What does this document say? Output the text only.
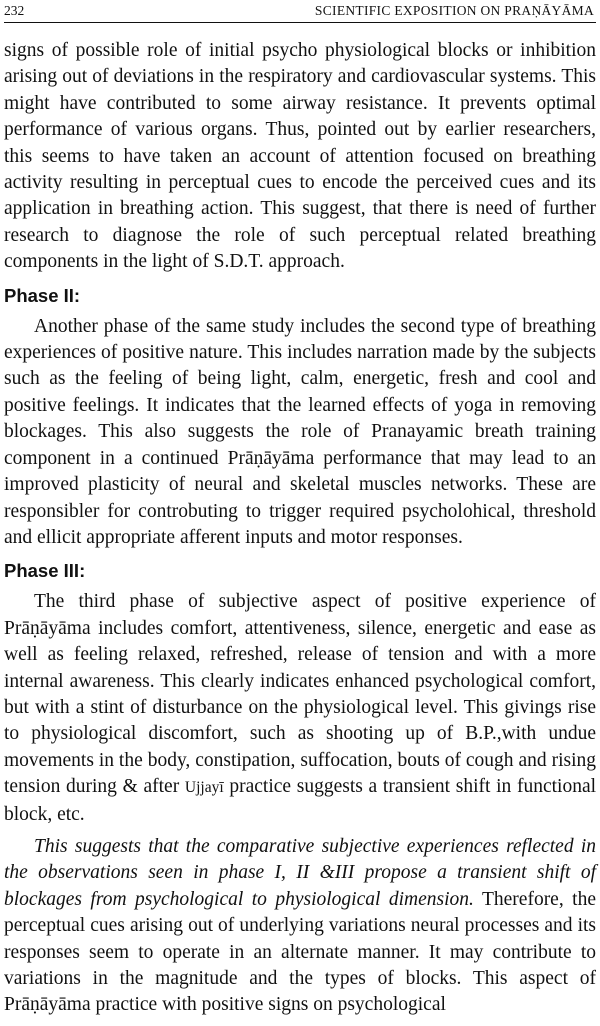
232	SCIENTIFIC EXPOSITION ON PRAṆĀYĀMA

signs of possible role of initial psycho physiological blocks or inhibition arising out of deviations in the respiratory and cardiovascular systems. This might have contributed to some airway resistance. It prevents optimal performance of various organs. Thus, pointed out by earlier researchers, this seems to have taken an account of attention focused on breathing activity resulting in perceptual cues to encode the perceived cues and its application in breathing action. This suggest, that there is need of further research to diagnose the role of such perceptual related breathing components in the light of S.D.T. approach.

Phase II:

Another phase of the same study includes the second type of breathing experiences of positive nature. This includes narration made by the subjects such as the feeling of being light, calm, energetic, fresh and cool and positive feelings. It indicates that the learned effects of yoga in removing blockages. This also suggests the role of Pranayamic breath training component in a continued Prāṇāyāma performance that may lead to an improved plasticity of neural and skeletal muscles networks. These are responsibler for controbuting to trigger required psycholohical, threshold and ellicit appropriate afferent inputs and motor responses.

Phase III:

The third phase of subjective aspect of positive experience of Prāṇāyāma includes comfort, attentiveness, silence, energetic and ease as well as feeling relaxed, refreshed, release of tension and with a more internal awareness. This clearly indicates enhanced psychological comfort, but with a stint of disturbance on the physiological level. This givings rise to physiological discomfort, such as shooting up of B.P.,with undue movements in the body, constipation, suffocation, bouts of cough and rising tension during & after Ujjayī practice suggests a transient shift in functional block, etc.

This suggests that the comparative subjective experiences reflected in the observations seen in phase I, II &III propose a transient shift of blockages from psychological to physiological dimension. Therefore, the perceptual cues arising out of underlying variations neural processes and its responses seem to operate in an alternate manner. It may contribute to variations in the magnitude and the types of blocks. This aspect of Prāṇāyāma practice with positive signs on psychological
